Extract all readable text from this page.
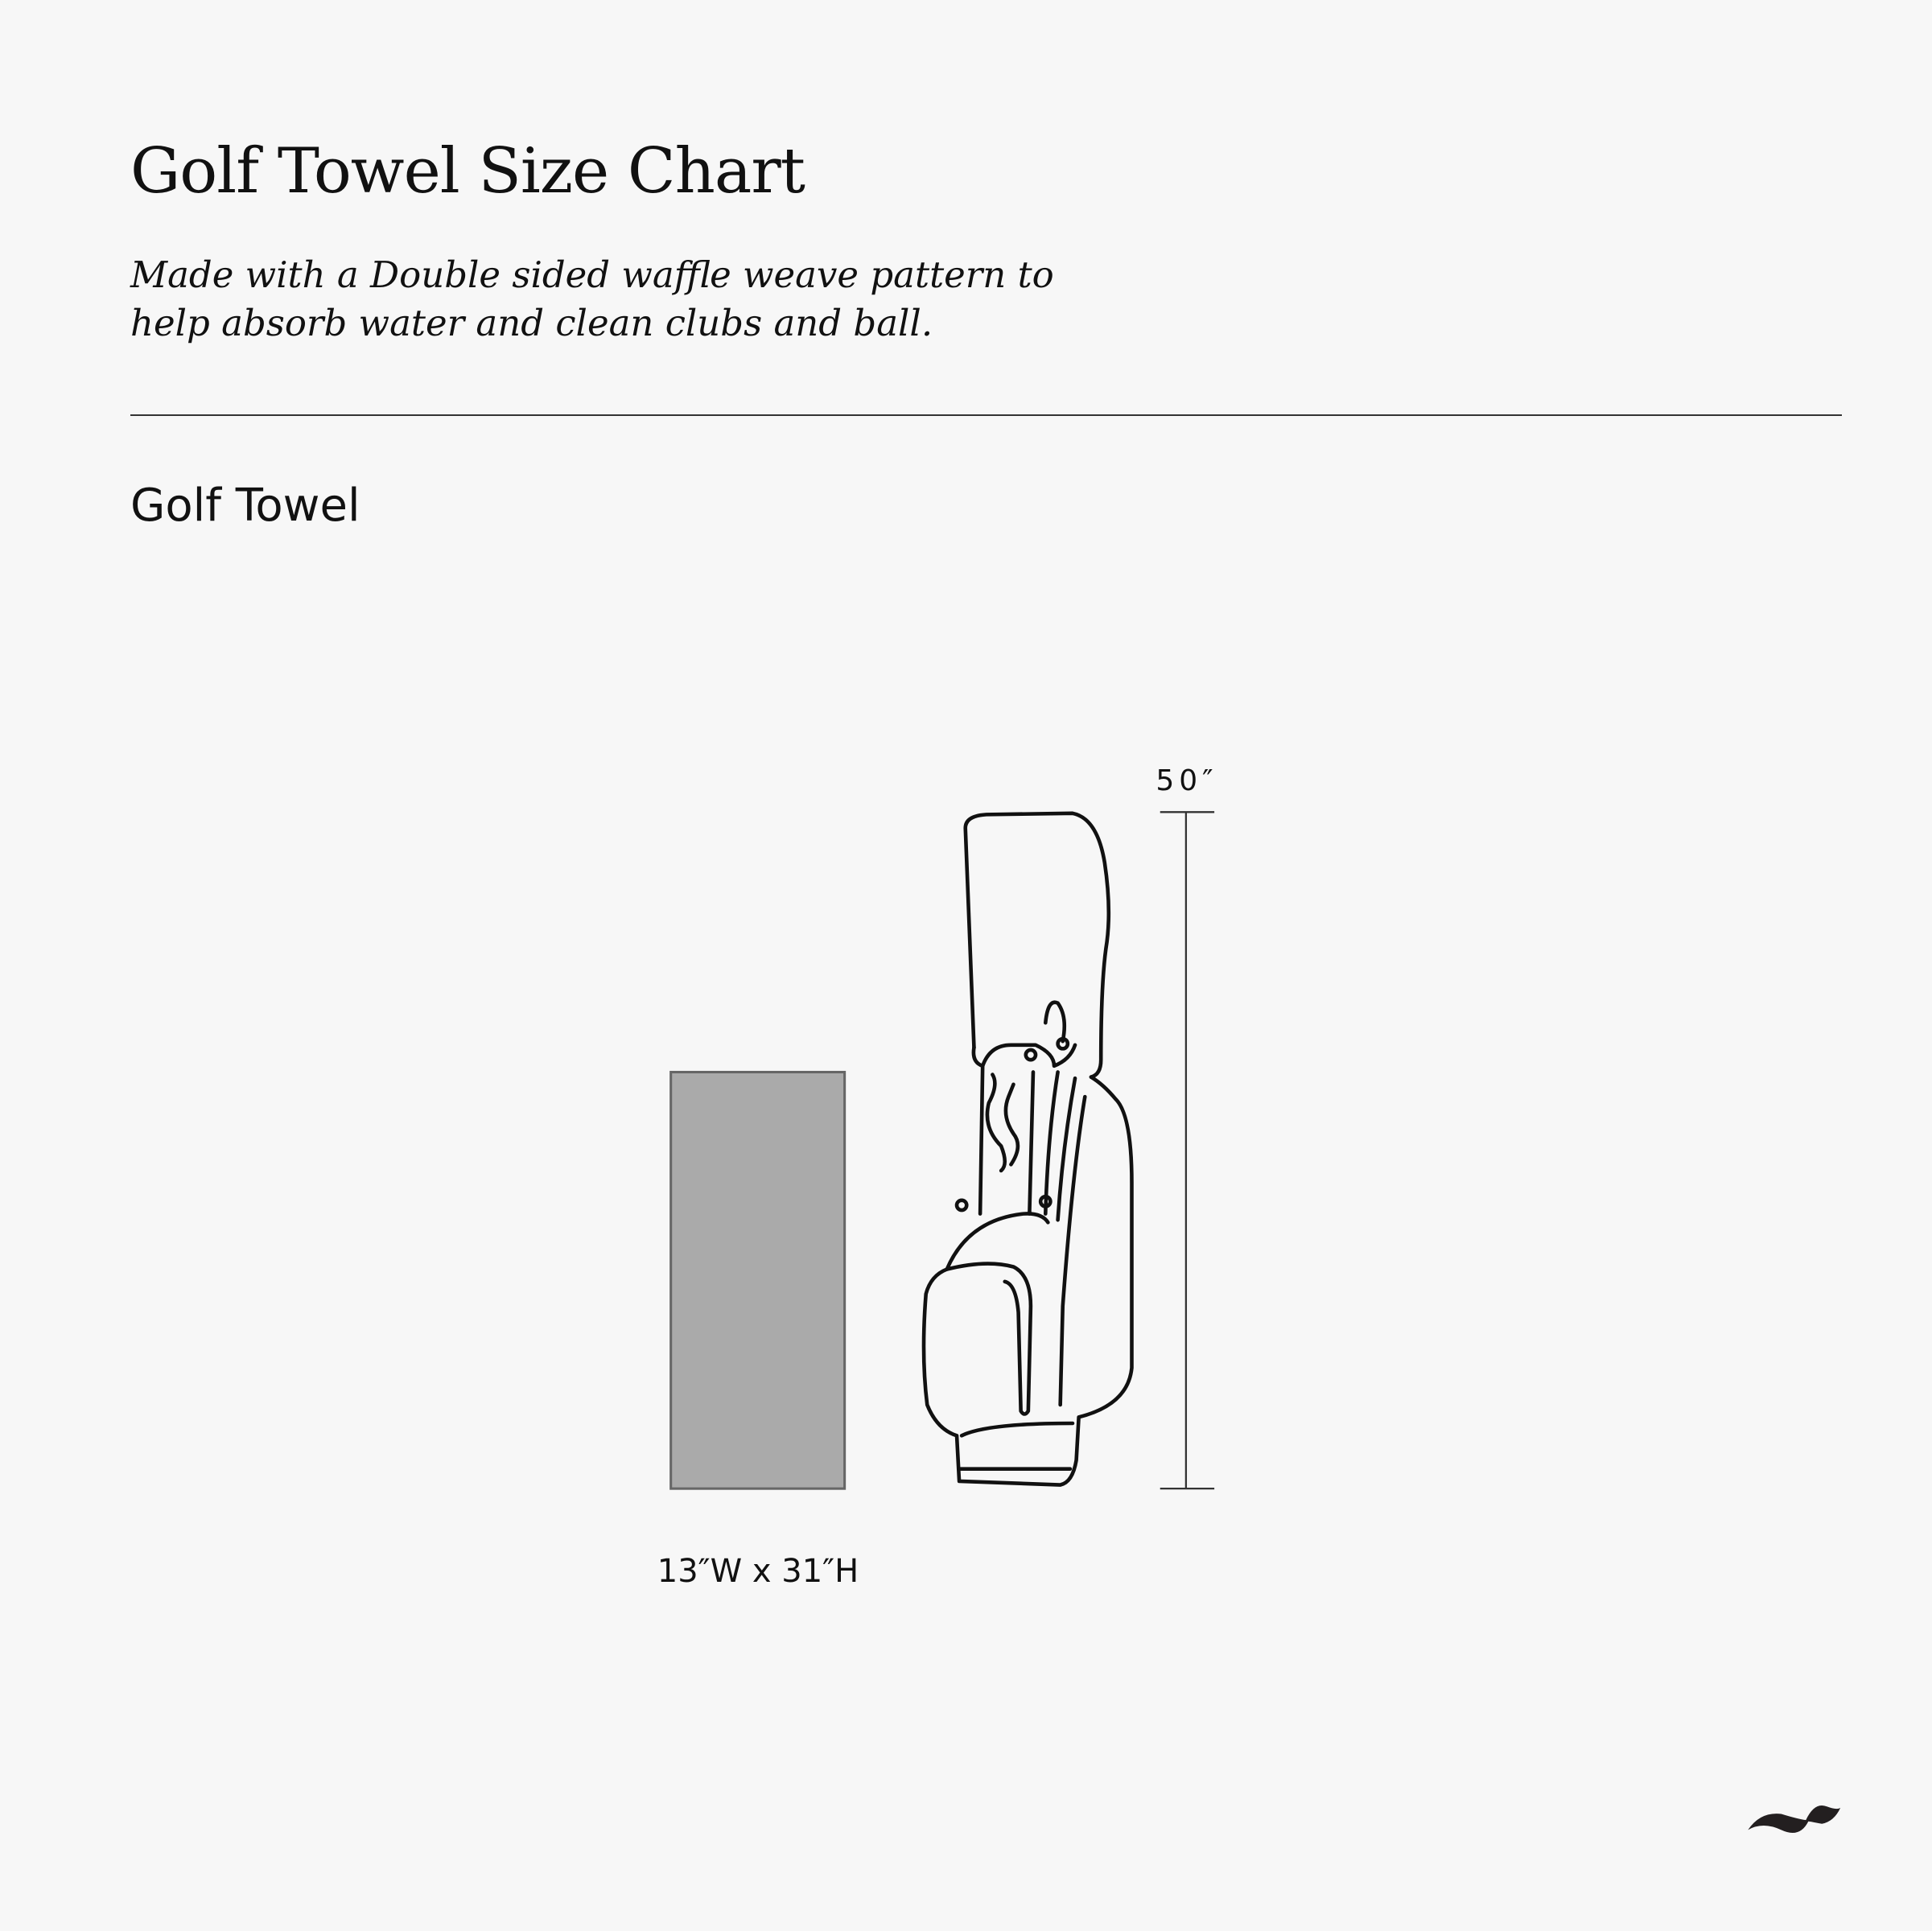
Golf Towel Size Chart
Made with a Double sided waffle weave pattern to
help absorb water and clean clubs and ball.
Golf Towel
50″
13″W x 31″H
